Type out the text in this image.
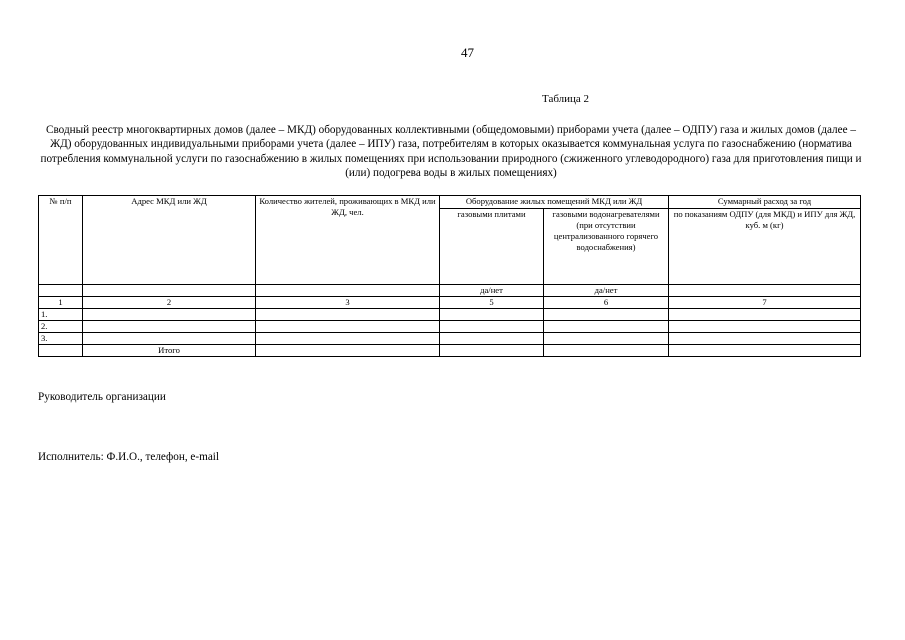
47
Таблица 2
Сводный реестр многоквартирных домов (далее – МКД) оборудованных коллективными (общедомовыми) приборами учета (далее – ОДПУ) газа и жилых домов (далее – ЖД) оборудованных индивидуальными приборами учета (далее – ИПУ) газа, потребителям в которых оказывается коммунальная услуга по газоснабжению (норматива потребления коммунальной услуги по газоснабжению в жилых помещениях при использовании природного (сжиженного углеводородного) газа для приготовления пищи и (или) подогрева воды в жилых помещениях)
№ п/п	Адрес МКД или ЖД	Количество жителей, проживающих в МКД или ЖД, чел.	Оборудование жилых помещений МКД или ЖД		Суммарный расход за год
			газовыми плитами	газовыми водонагревателями (при отсутствии централизованного горячего водоснабжения)	по показаниям ОДПУ (для МКД) и ИПУ для ЖД, куб. м (кг)
			да/нет	да/нет	
1	2	3	5	6	7
1.					
2.					
3.					
	Итого				
Руководитель организации
Исполнитель: Ф.И.О., телефон, e-mail
